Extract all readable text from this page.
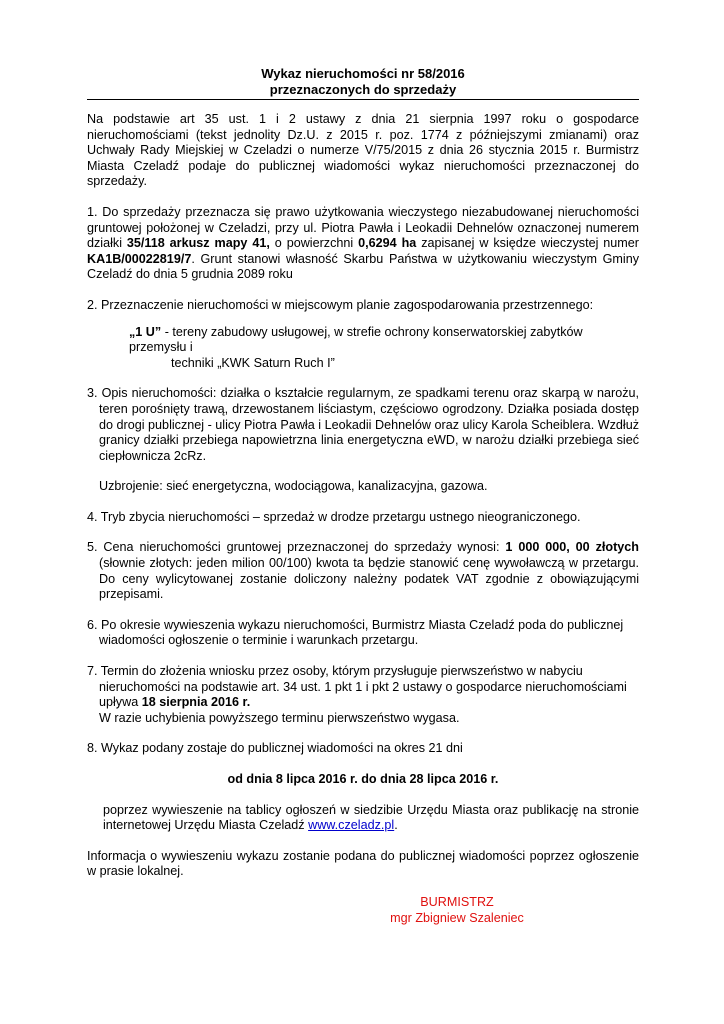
Wykaz nieruchomości nr 58/2016
przeznaczonych do sprzedaży

Na podstawie art 35 ust. 1 i 2 ustawy z dnia 21 sierpnia 1997 roku o gospodarce nieruchomościami (tekst jednolity Dz.U. z 2015 r. poz. 1774 z późniejszymi zmianami) oraz Uchwały Rady Miejskiej w Czeladzi o numerze V/75/2015 z dnia 26 stycznia 2015 r. Burmistrz Miasta Czeladź podaje do publicznej wiadomości wykaz nieruchomości przeznaczonej do sprzedaży.

1. Do sprzedaży przeznacza się prawo użytkowania wieczystego niezabudowanej nieruchomości gruntowej położonej w Czeladzi, przy ul. Piotra Pawła i Leokadii Dehnelów oznaczonej numerem działki 35/118 arkusz mapy 41, o powierzchni 0,6294 ha zapisanej w księdze wieczystej numer KA1B/00022819/7. Grunt stanowi własność Skarbu Państwa w użytkowaniu wieczystym Gminy Czeladź do dnia 5 grudnia 2089 roku

2. Przeznaczenie nieruchomości w miejscowym planie zagospodarowania przestrzennego:

„1 U” - tereny zabudowy usługowej, w strefie ochrony konserwatorskiej zabytków przemysłu i

techniki „KWK Saturn Ruch I”

3. Opis nieruchomości: działka o kształcie regularnym, ze spadkami terenu oraz skarpą w narożu, teren porośnięty trawą, drzewostanem liściastym, częściowo ogrodzony. Działka posiada dostęp do drogi publicznej - ulicy Piotra Pawła i Leokadii Dehnelów oraz ulicy Karola Scheiblera. Wzdłuż granicy działki przebiega napowietrzna linia energetyczna eWD, w narożu działki przebiega sieć ciepłownicza 2cRz.

Uzbrojenie: sieć energetyczna, wodociągowa, kanalizacyjna, gazowa.

4. Tryb zbycia nieruchomości – sprzedaż w drodze przetargu ustnego nieograniczonego.

5. Cena nieruchomości gruntowej przeznaczonej do sprzedaży wynosi: 1 000 000, 00 złotych (słownie złotych: jeden milion 00/100) kwota ta będzie stanowić cenę wywoławczą w przetargu. Do ceny wylicytowanej zostanie doliczony należny podatek VAT zgodnie z obowiązującymi przepisami.

6. Po okresie wywieszenia wykazu nieruchomości, Burmistrz Miasta Czeladź poda do publicznej wiadomości ogłoszenie o terminie i warunkach przetargu.

7. Termin do złożenia wniosku przez osoby, którym przysługuje pierwszeństwo w nabyciu nieruchomości na podstawie art. 34 ust. 1 pkt 1 i pkt 2 ustawy o gospodarce nieruchomościami upływa 18 sierpnia 2016 r.

W razie uchybienia powyższego terminu pierwszeństwo wygasa.

8. Wykaz podany zostaje do publicznej wiadomości na okres 21 dni

od dnia 8 lipca 2016 r. do dnia 28 lipca 2016 r.

poprzez wywieszenie na tablicy ogłoszeń w siedzibie Urzędu Miasta oraz publikację na stronie internetowej Urzędu Miasta Czeladź www.czeladz.pl.

Informacja o wywieszeniu wykazu zostanie podana do publicznej wiadomości poprzez ogłoszenie w prasie lokalnej.

BURMISTRZ
mgr Zbigniew Szaleniec
